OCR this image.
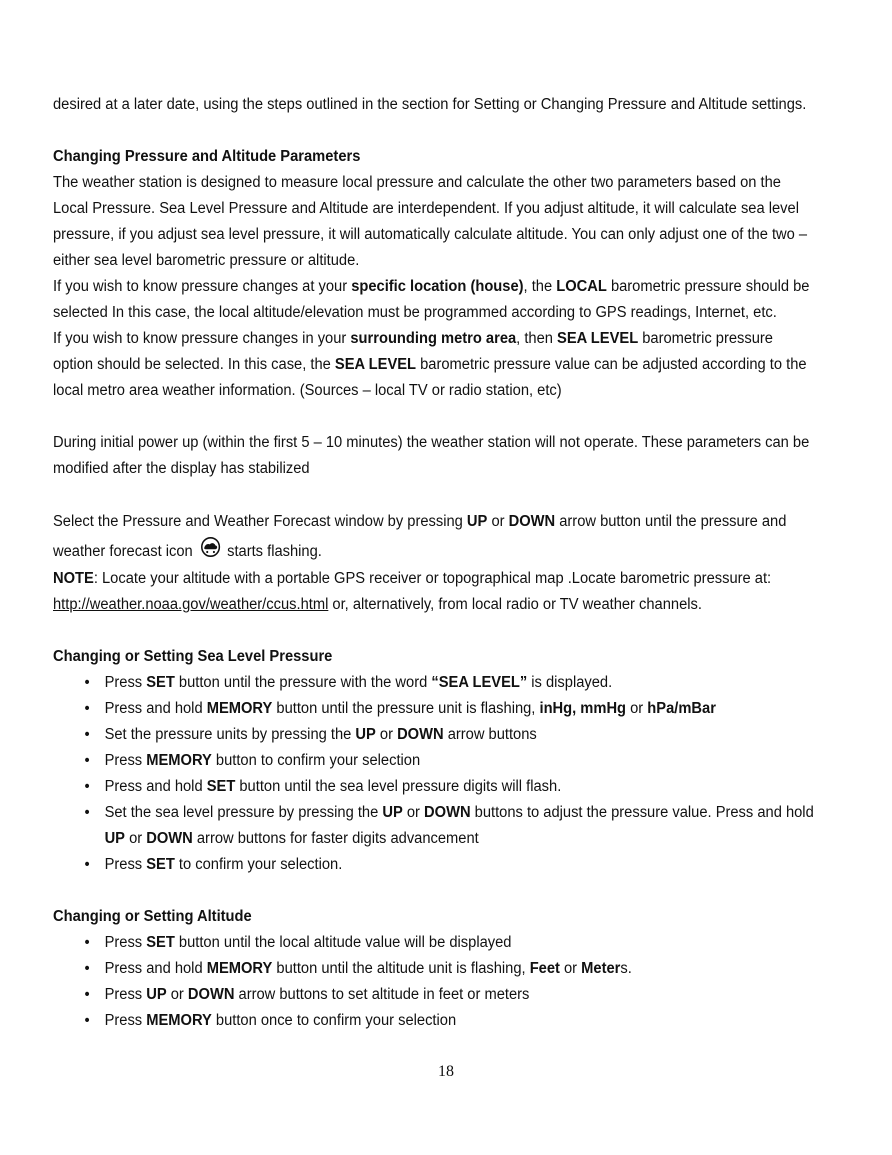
desired at a later date, using the steps outlined in the section for Setting or Changing Pressure and Altitude settings.

Changing Pressure and Altitude Parameters

The weather station is designed to measure local pressure and calculate the other two parameters based on the Local Pressure. Sea Level Pressure and Altitude are interdependent. If you adjust altitude, it will calculate sea level pressure, if you adjust sea level pressure, it will automatically calculate altitude. You can only adjust one of the two – either sea level barometric pressure or altitude.

If you wish to know pressure changes at your specific location (house), the LOCAL barometric pressure should be selected In this case, the local altitude/elevation must be programmed according to GPS readings, Internet, etc.

If you wish to know pressure changes in your surrounding metro area, then SEA LEVEL barometric pressure option should be selected. In this case, the SEA LEVEL barometric pressure value can be adjusted according to the local metro area weather information. (Sources – local TV or radio station, etc)

During initial power up (within the first 5 – 10 minutes) the weather station will not operate. These parameters can be modified after the display has stabilized

Select the Pressure and Weather Forecast window by pressing UP or DOWN arrow button until the pressure and weather forecast icon starts flashing.

NOTE: Locate your altitude with a portable GPS receiver or topographical map .Locate barometric pressure at:
http://weather.noaa.gov/weather/ccus.html or, alternatively, from local radio or TV weather channels.

Changing or Setting Sea Level Pressure
• Press SET button until the pressure with the word “SEA LEVEL” is displayed.
• Press and hold MEMORY button until the pressure unit is flashing, inHg, mmHg or hPa/mBar
• Set the pressure units by pressing the UP or DOWN arrow buttons
• Press MEMORY button to confirm your selection
• Press and hold SET button until the sea level pressure digits will flash.
• Set the sea level pressure by pressing the UP or DOWN buttons to adjust the pressure value. Press and hold UP or DOWN arrow buttons for faster digits advancement
• Press SET to confirm your selection.
Changing or Setting Altitude
• Press SET button until the local altitude value will be displayed
• Press and hold MEMORY button until the altitude unit is flashing, Feet or Meters.
• Press UP or DOWN arrow buttons to set altitude in feet or meters
• Press MEMORY button once to confirm your selection
18
